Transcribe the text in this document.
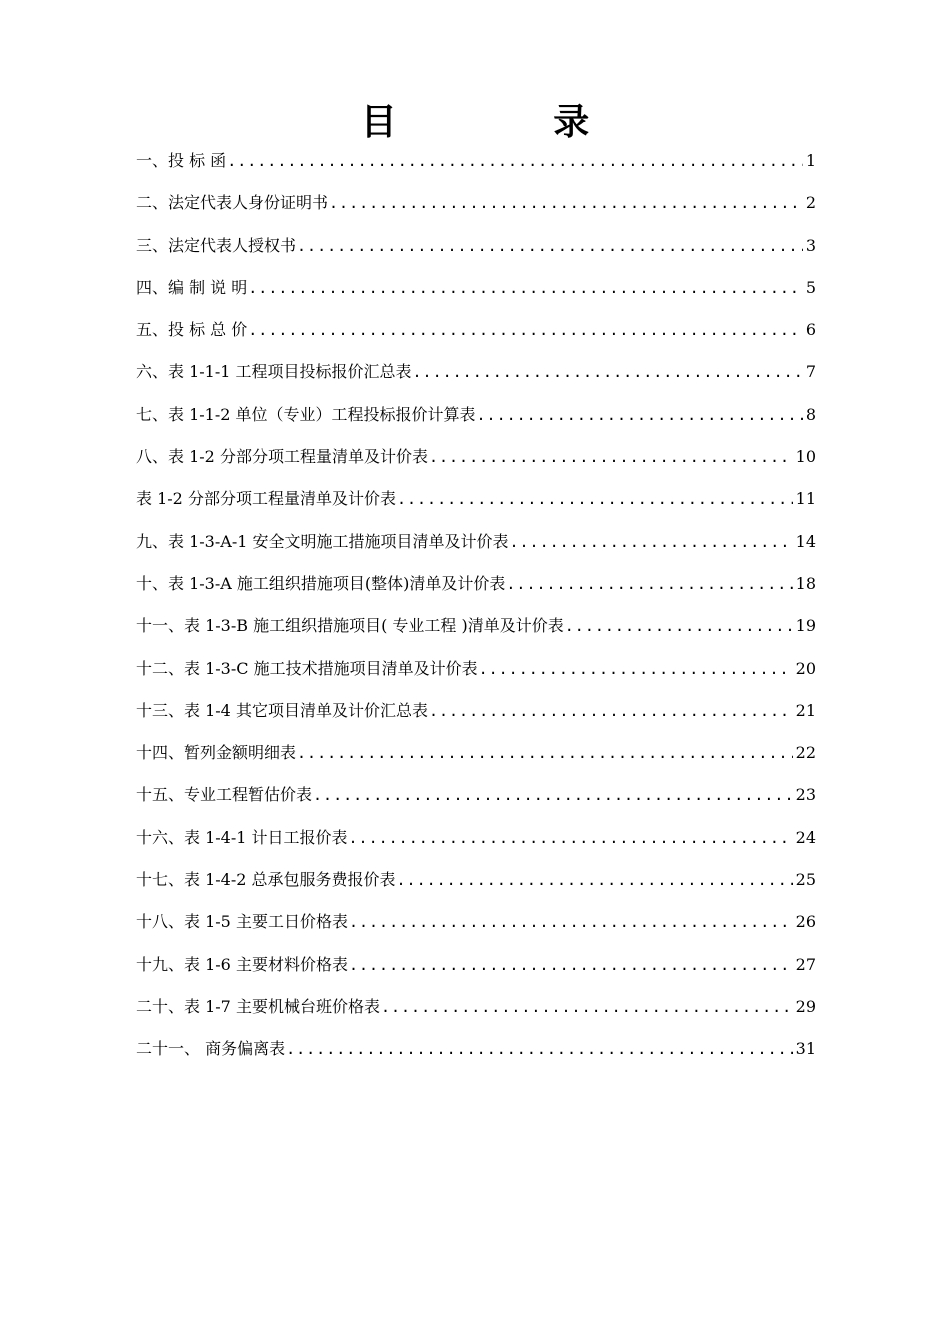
目 录
一、投 标 函 .....	1
二、法定代表人身份证明书 .....	2
三、法定代表人授权书 .....	3
四、编 制 说 明 .....	5
五、投 标 总 价 .....	6
六、表 1-1-1 工程项目投标报价汇总表 .....	7
七、表 1-1-2 单位（专业）工程投标报价计算表 .....	8
八、表 1-2 分部分项工程量清单及计价表 .....	10
表 1-2 分部分项工程量清单及计价表 .....	11
九、表 1-3-A-1 安全文明施工措施项目清单及计价表 .....	14
十、表 1-3-A 施工组织措施项目(整体)清单及计价表 .....	18
十一、表 1-3-B 施工组织措施项目( 专业工程 )清单及计价表 .....	19
十二、表 1-3-C 施工技术措施项目清单及计价表 .....	20
十三、表 1-4 其它项目清单及计价汇总表 .....	21
十四、暂列金额明细表 .....	22
十五、专业工程暂估价表 .....	23
十六、表 1-4-1 计日工报价表 .....	24
十七、表 1-4-2 总承包服务费报价表 .....	25
十八、表 1-5 主要工日价格表 .....	26
十九、表 1-6 主要材料价格表 .....	27
二十、表 1-7 主要机械台班价格表 .....	29
二十一、 商务偏离表 .....	31
